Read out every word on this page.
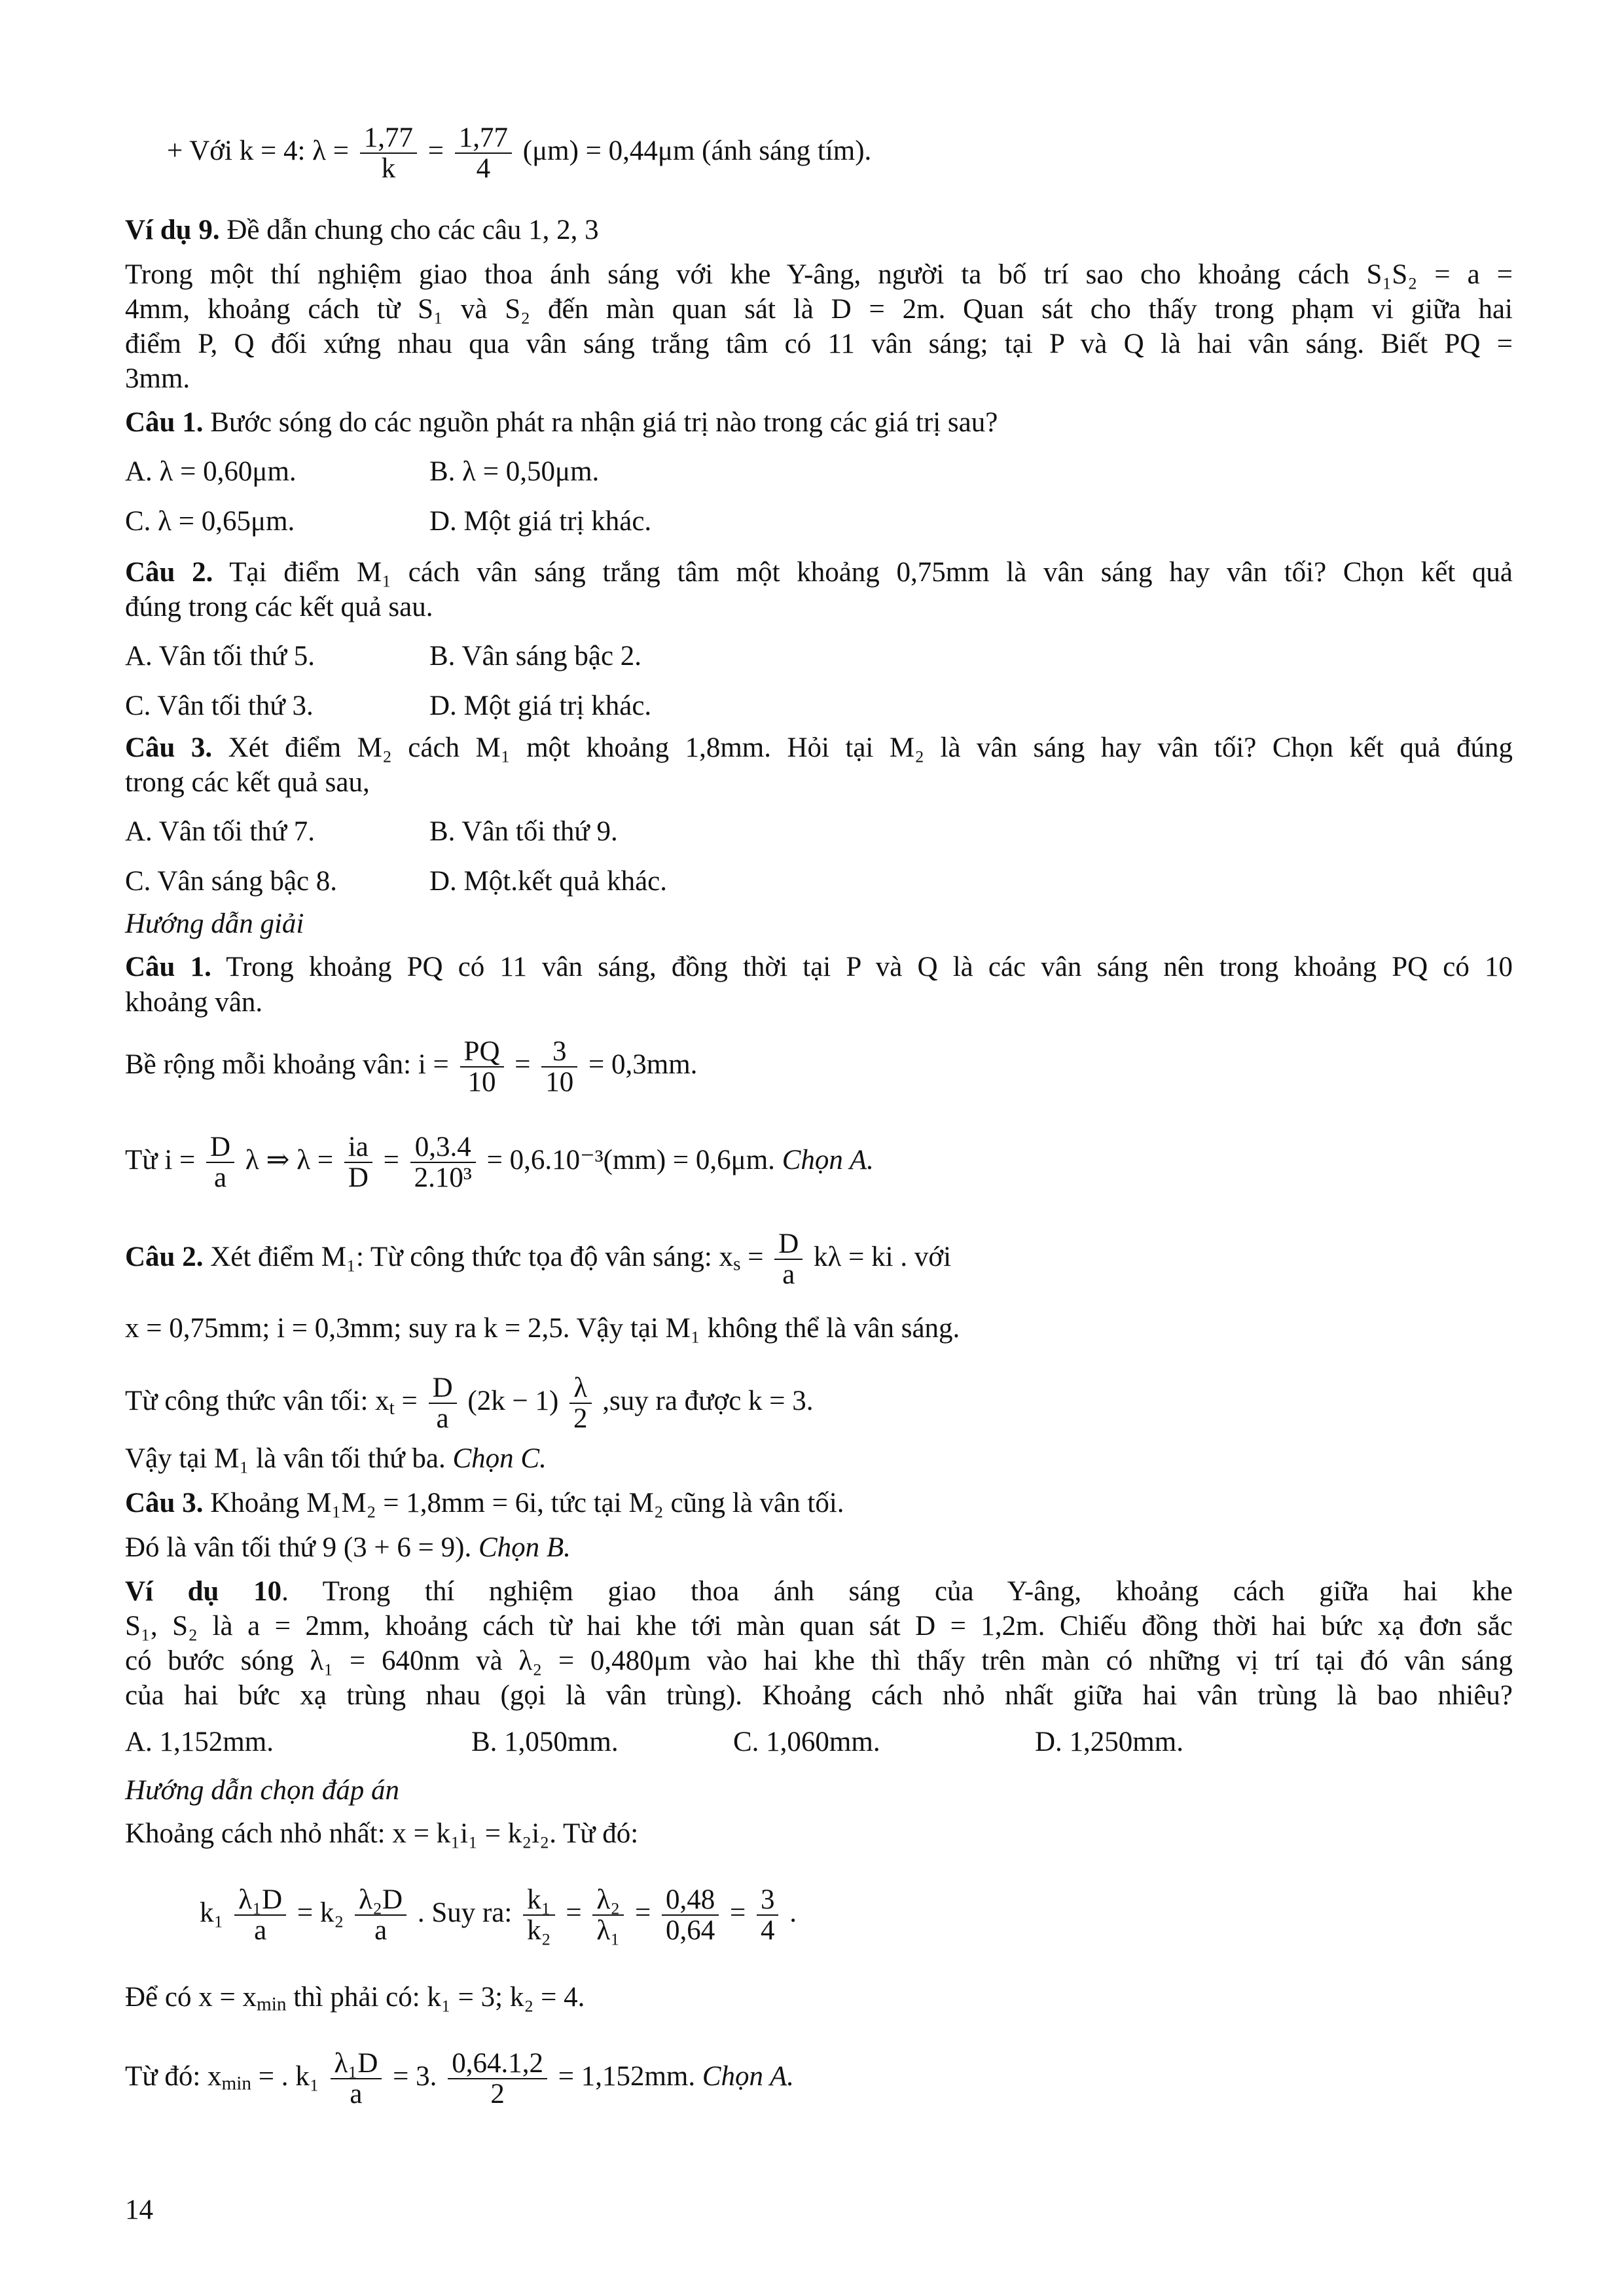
+ Với k = 4: $\lambda = \frac{1,77}{k} = \frac{1,77}{4} (\mu m) = 0,44\mu m$ (ánh sáng tím).
Ví dụ 9. Đề dẫn chung cho các câu 1, 2, 3
Trong một thí nghiệm giao thoa ánh sáng với khe Y-âng, người ta bố trí sao cho khoảng cách S₁S₂ = a =
4mm, khoảng cách từ S₁ và S₂ đến màn quan sát là D = 2m. Quan sát cho thấy trong phạm vi giữa hai
điểm P, Q đối xứng nhau qua vân sáng trắng tâm có 11 vân sáng; tại P và Q là hai vân sáng. Biết PQ =
3mm.
Câu 1. Bước sóng do các nguồn phát ra nhận giá trị nào trong các giá trị sau?
A. λ = 0,60μm.	B. λ = 0,50μm.
C. λ = 0,65μm.	D. Một giá trị khác.
Câu 2. Tại điểm M₁ cách vân sáng trắng tâm một khoảng 0,75mm là vân sáng hay vân tối? Chọn kết quả
đúng trong các kết quả sau.
A. Vân tối thứ 5.	B. Vân sáng bậc 2.
C. Vân tối thứ 3.	D. Một giá trị khác.
Câu 3. Xét điểm M₂ cách M₁ một khoảng 1,8mm. Hỏi tại M₂ là vân sáng hay vân tối? Chọn kết quả đúng
trong các kết quả sau,
A. Vân tối thứ 7.	B. Vân tối thứ 9.
C. Vân sáng bậc 8.	D. Một.kết quả khác.
Hướng dẫn giải
Câu 1. Trong khoảng PQ có 11 vân sáng, đồng thời tại P và Q là các vân sáng nên trong khoảng PQ có 10
khoảng vân.
Bề rộng mỗi khoảng vân: $i = \frac{PQ}{10} = \frac{3}{10} = 0,3mm$.
Từ $i = \frac{D}{a}$ λ ⇒ $\lambda = \frac{ia}{D} = \frac{0,3.4}{\text{2.10³}} = 0,6.10^{-3}(mm) = 0,6\mu m$. Chọn A.
Câu 2. Xét điểm M₁: Từ công thức tọa độ vân sáng: $x_s = \frac{D}{a}$ kλ = ki . với
x = 0,75mm; i = 0,3mm; suy ra k = 2,5. Vậy tại M₁ không thể là vân sáng.
Từ công thức vân tối: $x_t = \frac{D}{a} (2k - 1) \frac{\lambda}{2} ,suy$ ra được k = 3.
Vậy tại M₁ là vân tối thứ ba. Chọn C.
Câu 3. Khoảng M₁M₂ = 1,8mm = 6i, tức tại M₂ cũng là vân tối.
Đó là vân tối thứ 9 (3 + 6 = 9). Chọn B.
Ví dụ 10. Trong thí nghiệm giao thoa ánh sáng của Y-âng, khoảng cách giữa hai khe
S₁, S₂ là a = 2mm, khoảng cách từ hai khe tới màn quan sát D = 1,2m. Chiếu đồng thời hai bức xạ đơn sắc
có bước sóng λ₁ = 640nm và λ₂ = 0,480μm vào hai khe thì thấy trên màn có những vị trí tại đó vân sáng
của hai bức xạ trùng nhau (gọi là vân trùng). Khoảng cách nhỏ nhất giữa hai vân trùng là bao nhiêu?
A. 1,152mm.	B. 1,050mm.	C. 1,060mm.	D. 1,250mm.
Hướng dẫn chọn đáp án
Khoảng cách nhỏ nhất: x = k₁i₁ = k₂i₂. Từ đó:
$k_1 \frac{\text{λ₁D}}{a} = k_2 \frac{\text{λ₂D}}{a}$ . Suy ra: $\frac{\text{k₁}}{\text{k₂}} = \frac{\text{λ₂}}{\text{λ₁}} = \frac{0,48}{0,64} = \frac{3}{4}$ .
Để có $x = x_{min}$ thì phải có: k₁ = 3; k₂ = 4.
Từ đó: $x_{min}$ = . $k_1 \frac{\text{λ₁D}}{a} = 3$. $\frac{0,64.1,2}{2} = 1,152mm$. Chọn A.
14
